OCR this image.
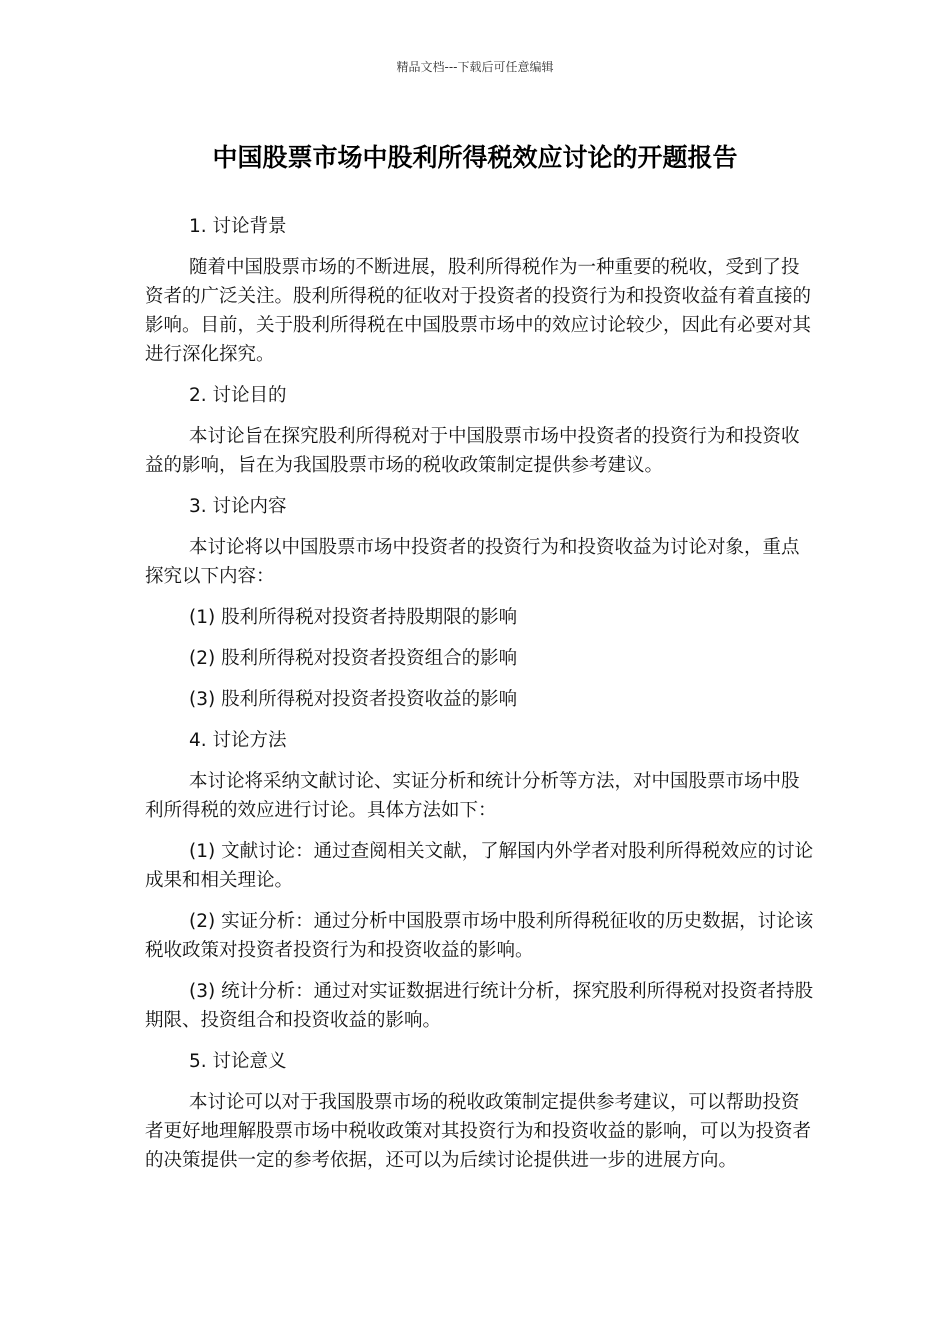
精品文档---下载后可任意编辑
中国股票市场中股利所得税效应讨论的开题报告
1. 讨论背景
随着中国股票市场的不断进展，股利所得税作为一种重要的税收，受到了投资者的广泛关注。股利所得税的征收对于投资者的投资行为和投资收益有着直接的影响。目前，关于股利所得税在中国股票市场中的效应讨论较少，因此有必要对其进行深化探究。
2. 讨论目的
本讨论旨在探究股利所得税对于中国股票市场中投资者的投资行为和投资收益的影响，旨在为我国股票市场的税收政策制定提供参考建议。
3. 讨论内容
本讨论将以中国股票市场中投资者的投资行为和投资收益为讨论对象，重点探究以下内容：
(1) 股利所得税对投资者持股期限的影响
(2) 股利所得税对投资者投资组合的影响
(3) 股利所得税对投资者投资收益的影响
4. 讨论方法
本讨论将采纳文献讨论、实证分析和统计分析等方法，对中国股票市场中股利所得税的效应进行讨论。具体方法如下：
(1) 文献讨论：通过查阅相关文献，了解国内外学者对股利所得税效应的讨论成果和相关理论。
(2) 实证分析：通过分析中国股票市场中股利所得税征收的历史数据，讨论该税收政策对投资者投资行为和投资收益的影响。
(3) 统计分析：通过对实证数据进行统计分析，探究股利所得税对投资者持股期限、投资组合和投资收益的影响。
5. 讨论意义
本讨论可以对于我国股票市场的税收政策制定提供参考建议，可以帮助投资者更好地理解股票市场中税收政策对其投资行为和投资收益的影响，可以为投资者的决策提供一定的参考依据，还可以为后续讨论提供进一步的进展方向。
